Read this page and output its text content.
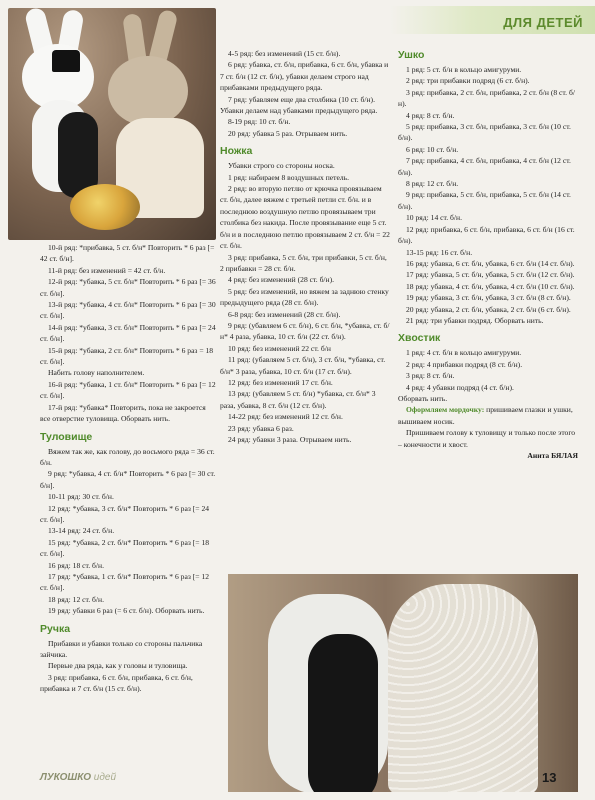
ДЛЯ ДЕТЕЙ

10-й ряд: *прибавка, 5 ст. б/н* Повторить * 6 раз [= 42 ст. б/н].

11-й ряд: без изменений = 42 ст. б/н.

12-й ряд: *убавка, 5 ст. б/н* Повторить * 6 раз [= 36 ст. б/н].

13-й ряд: *убавка, 4 ст. б/н* Повторить * 6 раз [= 30 ст. б/н].

14-й ряд: *убавка, 3 ст. б/н* Повторить * 6 раз [= 24 ст. б/н].

15-й ряд: *убавка, 2 ст. б/н* Повторить * 6 раз = 18 ст. б/н].

Набить голову наполнителем.

16-й ряд: *убавка, 1 ст. б/н* Повторить * 6 раз [= 12 ст. б/н].

17-й ряд: *убавка* Повторить, пока не закроется все отверстие туловища. Оборвать нить.

Туловище

Вяжем так же, как голову, до восьмого ряда = 36 ст. б/н.

9 ряд: *убавка, 4 ст. б/н* Повторить * 6 раз [= 30 ст. б/н].

10-11 ряд: 30 ст. б/н.

12 ряд: *убавка, 3 ст. б/н* Повторить * 6 раз [= 24 ст. б/н].

13-14 ряд: 24 ст. б/н.

15 ряд: *убавка, 2 ст. б/н* Повторить * 6 раз [= 18 ст. б/н].

16 ряд: 18 ст. б/н.

17 ряд: *убавка, 1 ст. б/н* Повторить * 6 раз [= 12 ст. б/н].

18 ряд: 12 ст. б/н.

19 ряд: убавки 6 раз (= 6 ст. б/н). Оборвать нить.

Ручка

Прибавки и убавки только со стороны пальчика зайчика.

Первые два ряда, как у головы и туловища.

3 ряд: прибавка, 6 ст. б/н, прибавка, 6 ст. б/н, прибавка и 7 ст. б/н (15 ст. б/н).

4-5 ряд: без изменений (15 ст. б/н).

6 ряд: убавка, ст. б/н, прибавка, 6 ст. б/н, убавка и 7 ст. б/н (12 ст. б/н), убавки делаем строго над прибавками предыдущего ряда.

7 ряд: убавляем еще два столбика (10 ст. б/н). Убавки делаем над убавками предыдущего ряда.

8-19 ряд: 10 ст. б/н.

20 ряд: убавка 5 раз. Отрываем нить.

Ножка

Убавки строго со стороны носка.

1 ряд: набираем 8 воздушных петель.

2 ряд: во вторую петлю от крючка провязываем ст. б/н, далее вяжем с третьей петли ст. б/н. и в последнюю воздушную петлю провязываем три столбика без накида. После провязывание еще 5 ст. б/н и в последнюю петлю провязываем 2 ст. б/н = 22 ст. б/н.

3 ряд: прибавка, 5 ст. б/н, три прибавки, 5 ст. б/н, 2 прибавки = 28 ст. б/н.

4 ряд: без изменений (28 ст. б/н).

5 ряд: без изменений, но вяжем за заднюю стенку предыдущего ряда (28 ст. б/н).

6-8 ряд: без изменений (28 ст. б/н).

9 ряд: (убавляем 6 ст. б/н), 6 ст. б/н, *убавка, ст. б/н* 4 раза, убавка, 10 ст. б/н (22 ст. б/н).

10 ряд: без изменений 22 ст. б/н

11 ряд: (убавляем 5 ст. б/н), 3 ст. б/н, *убавка, ст. б/н* 3 раза, убавка, 10 ст. б/н (17 ст. б/н).

12 ряд: без изменений 17 ст. б/н.

13 ряд: (убавляем 5 ст. б/н) *убавка, ст. б/н* 3 раза, убавка, 8 ст. б/н (12 ст. б/н).

14-22 ряд: без изменений 12 ст. б/н.

23 ряд: убавка 6 раз.

24 ряд: убавки 3 раза. Отрываем нить.

Ушко

1 ряд: 5 ст. б/н в кольцо амигуруми.

2 ряд: три прибавки подряд (6 ст. б/н).

3 ряд: прибавка, 2 ст. б/н, прибавка, 2 ст. б/н (8 ст. б/н).

4 ряд: 8 ст. б/н.

5 ряд: прибавка, 3 ст. б/н, прибавка, 3 ст. б/н (10 ст. б/н).

6 ряд: 10 ст. б/н.

7 ряд: прибавка, 4 ст. б/н, прибавка, 4 ст. б/н (12 ст. б/н).

8 ряд: 12 ст. б/н.

9 ряд: прибавка, 5 ст. б/н, прибавка, 5 ст. б/н (14 ст. б/н).

10 ряд: 14 ст. б/н.

12 ряд: прибавка, 6 ст. б/н, прибавка, 6 ст. б/н (16 ст. б/н).

13-15 ряд: 16 ст. б/н.

16 ряд: убавка, 6 ст. б/н, убавка, 6 ст. б/н (14 ст. б/н).

17 ряд: убавка, 5 ст. б/н, убавка, 5 ст. б/н (12 ст. б/н).

18 ряд: убавка, 4 ст. б/н, убавка, 4 ст. б/н (10 ст. б/н).

19 ряд: убавка, 3 ст. б/н, убавка, 3 ст. б/н (8 ст. б/н).

20 ряд: убавка, 2 ст. б/н, убавка, 2 ст. б/н (6 ст. б/н).

21 ряд: три убавки подряд. Оборвать нить.

Хвостик

1 ряд: 4 ст. б/н в кольцо амигуруми.

2 ряд: 4 прибавки подряд (8 ст. б/н).

3 ряд: 8 ст. б/н.

4 ряд: 4 убавки подряд (4 ст. б/н).

Оборвать нить.

Оформляем мордочку: пришиваем глазки и ушки, вышиваем носик.

Пришиваем голову к туловищу и только после этого – конечности и хвост.

Анита БЯЛАЯ

ЛУКОШКО идей	13
